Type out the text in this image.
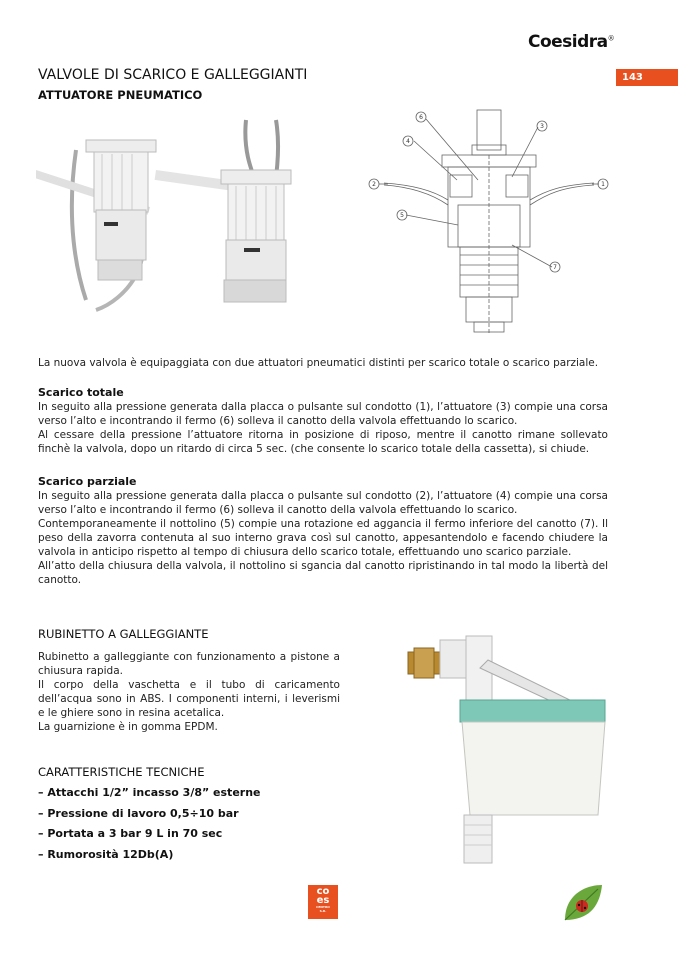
Coesidra®
143
VALVOLE DI SCARICO E GALLEGGIANTI
ATTUATORE PNEUMATICO
1
2
3
4
5
6
7
La nuova valvola è equipaggiata con due attuatori pneumatici distinti per scarico totale o scarico parziale.

Scarico totale

In seguito alla pressione generata dalla placca o pulsante sul condotto (1), l’attuatore (3) compie una corsa verso l’alto e incontrando il fermo (6) solleva il canotto della valvola effettuando lo scarico.

Al cessare della pressione l’attuatore ritorna in posizione di riposo, mentre il canotto rimane sollevato finchè la valvola, dopo un ritardo di circa 5 sec. (che consente lo scarico totale della cassetta), si chiude.

Scarico parziale

In seguito alla pressione generata dalla placca o pulsante sul condotto (2), l’attuatore (4) compie una corsa verso l’alto e incontrando il fermo (6) solleva il canotto della valvola effettuando lo scarico.

Contemporaneamente il nottolino (5) compie una rotazione ed aggancia il fermo inferiore del canotto (7). Il peso della zavorra contenuta al suo interno grava così sul canotto, appesantendolo e facendo chiudere la valvola in anticipo rispetto al tempo di chiusura dello scarico totale, effettuando uno scarico parziale.

All’atto della chiusura della valvola, il nottolino si sgancia dal canotto ripristinando in tal modo la libertà del canotto.

RUBINETTO A GALLEGGIANTE

Rubinetto a galleggiante con funzionamento a pistone a chiusura rapida.

Il corpo della vaschetta e il tubo di caricamento dell’acqua sono in ABS. I componenti interni, i leverismi e le ghiere sono in resina acetalica.

La guarnizione è in gomma EPDM.

CARATTERISTICHE TECNICHE
– Attacchi 1/2” incasso 3/8” esterne
– Pressione di lavoro 0,5÷10 bar
– Portata a 3 bar 9 L in 70 sec
– Rumorosità 12Db(A)
co
es
CENTRO
S.R.
